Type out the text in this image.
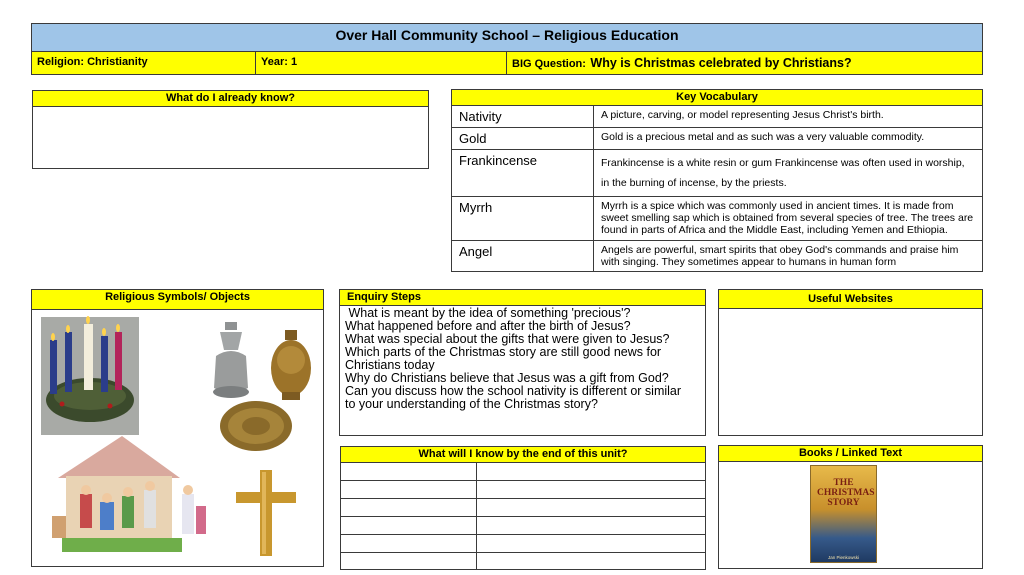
Over Hall Community School – Religious Education
Religion: Christianity	Year: 1	BIG Question: Why is Christmas celebrated by Christians?
What do I already know?	Key Vocabulary
Nativity	A picture, carving, or model representing Jesus Christ's birth.
Gold	Gold is a precious metal and as such was a very valuable commodity.
Frankincense	Frankincense is a white resin or gum Frankincense was often used in worship,
in the burning of incense, by the priests.

Myrrh	Myrrh is a spice which was commonly used in ancient times. It is made from sweet smelling sap which is obtained from several species of tree. The trees are found in parts of Africa and the Middle East, including Yemen and Ethiopia.
Angel	Angels are powerful, smart spirits that obey God's commands and praise him with singing. They sometimes appear to humans in human form
Religious Symbols/ Objects	Enquiry Steps
What is meant by the idea of something 'precious'?
What happened before and after the birth of Jesus?
What was special about the gifts that were given to Jesus?
Which parts of the Christmas story are still good news for Christians today
Why do Christians believe that Jesus was a gift from God?
Can you discuss how the school nativity is different or similar to your understanding of the Christmas story?
Useful Websites
What will I know by the end of this unit?

		Books / Linked Text
THE CHRISTMAS STORY
Jan Pienkowski
